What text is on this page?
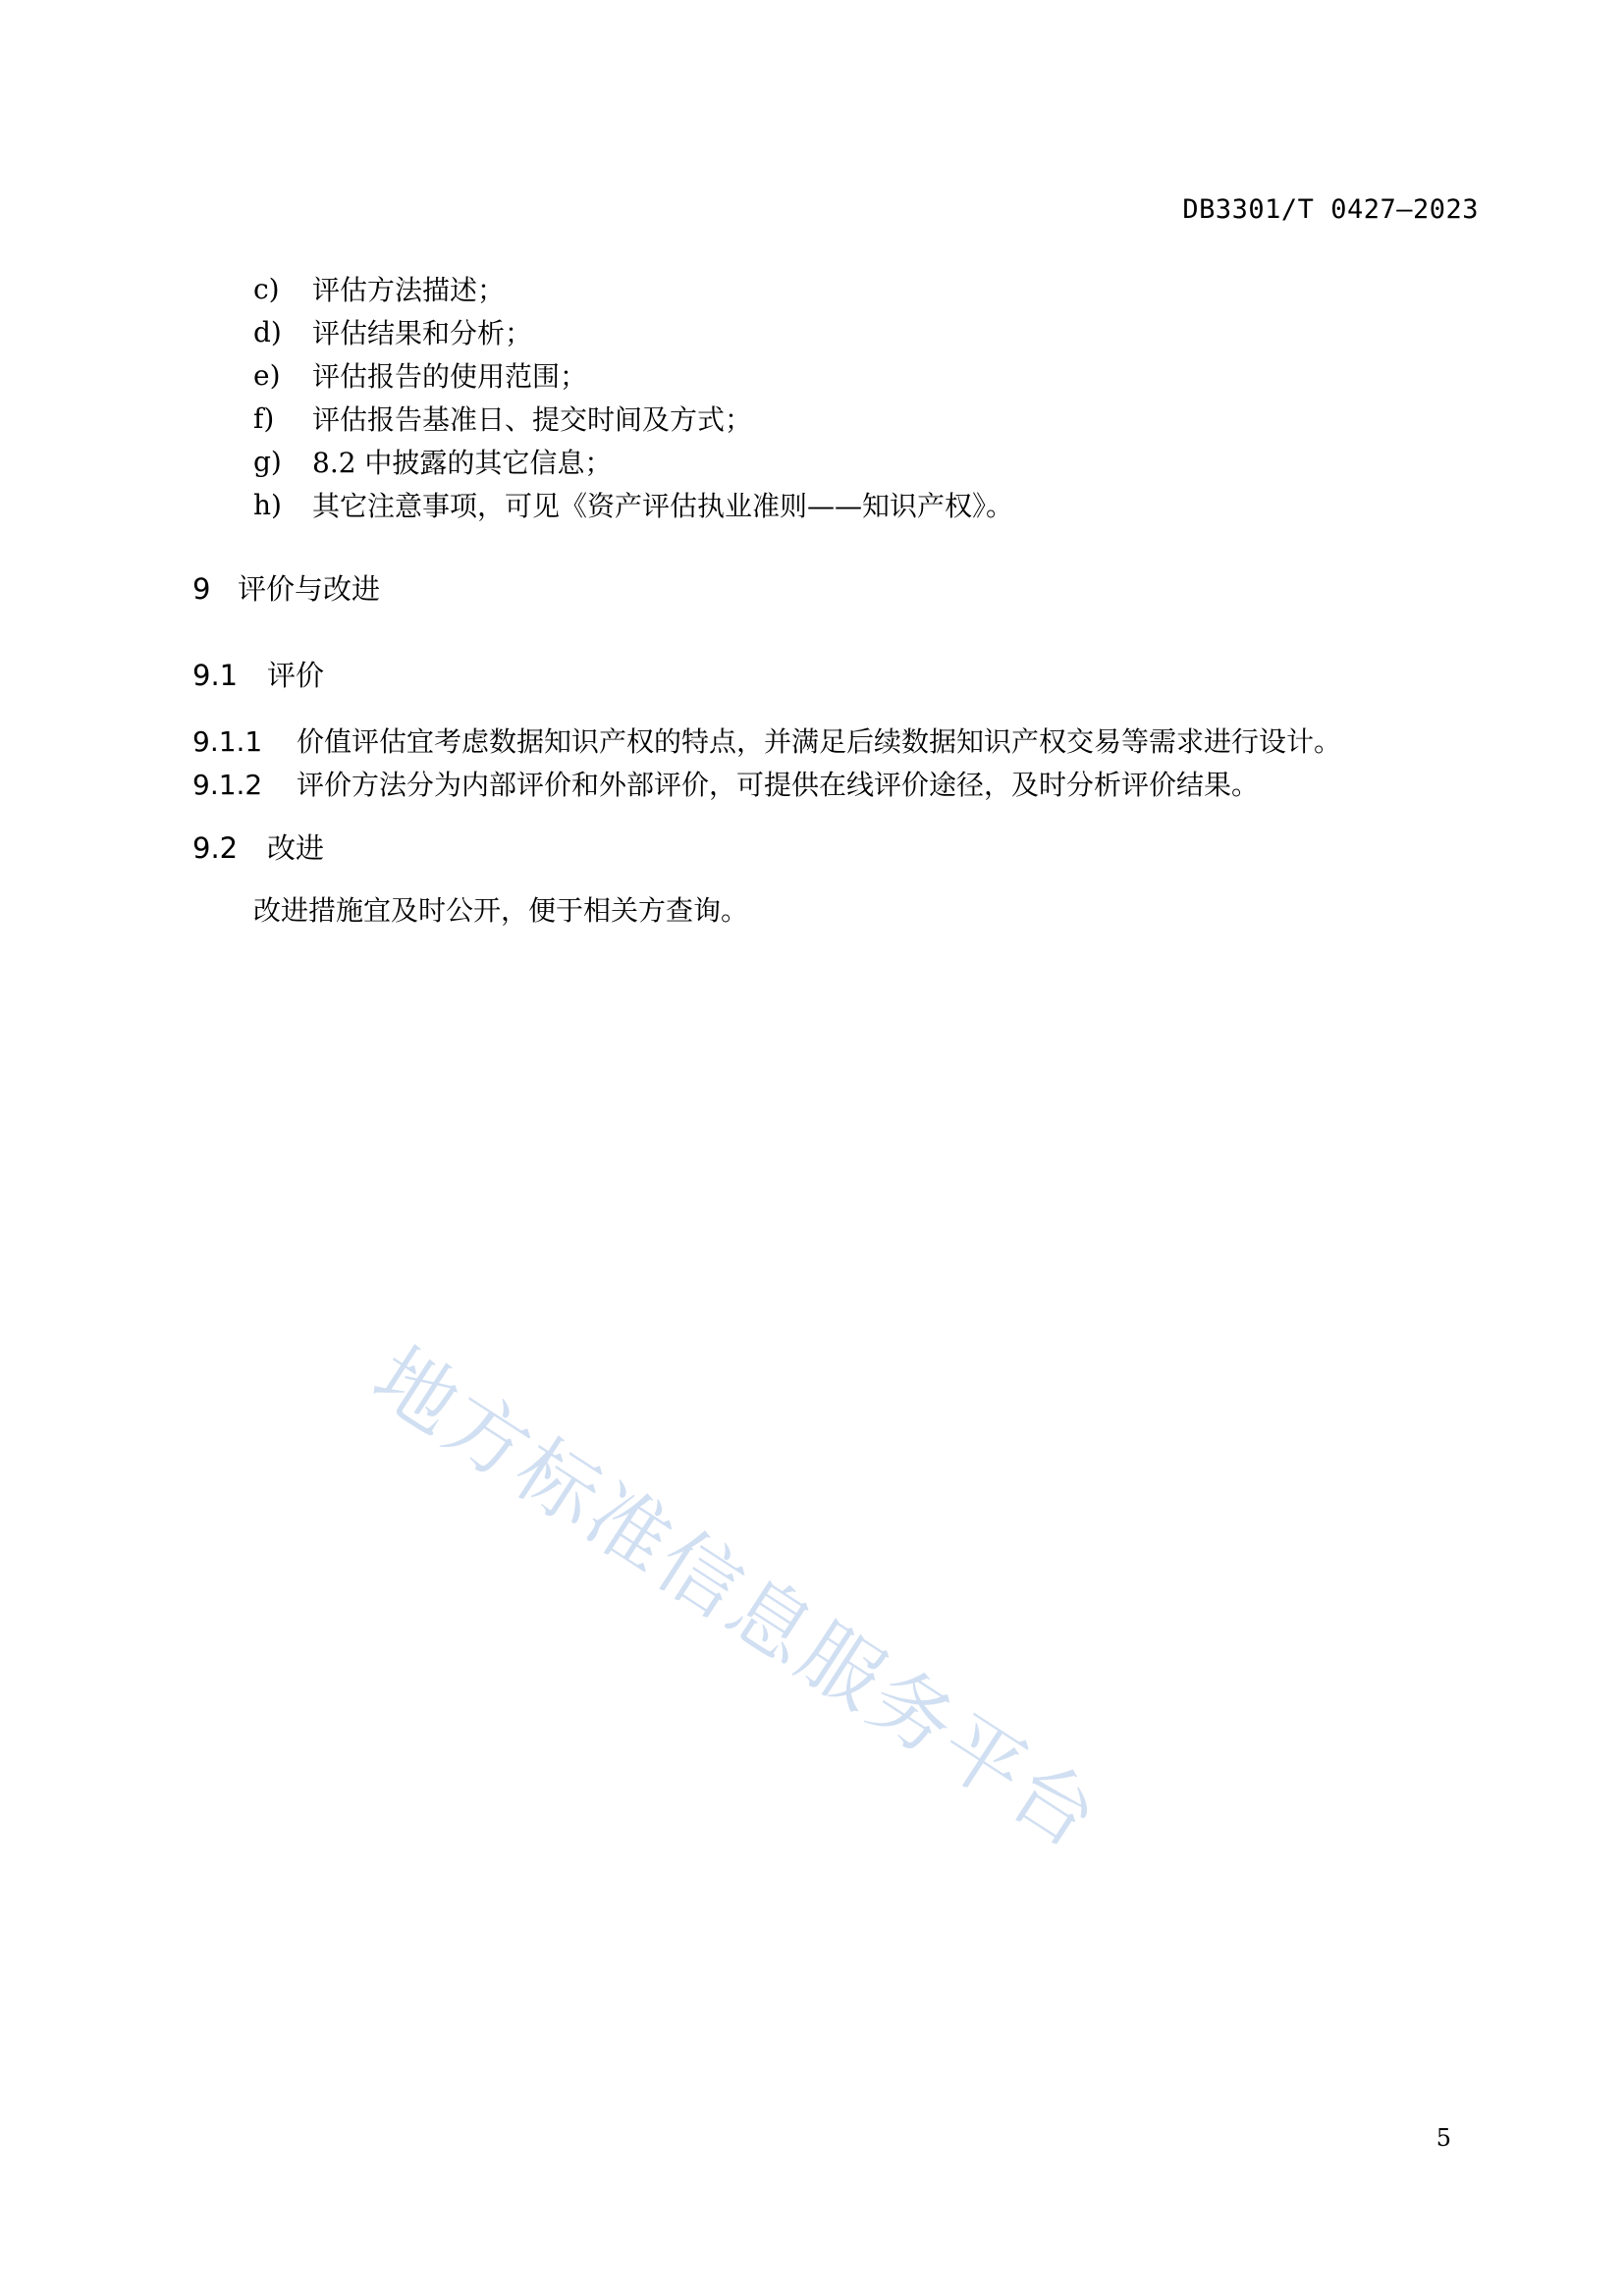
DB3301/T 0427—2023
c)	评估方法描述；
d)	评估结果和分析；
e)	评估报告的使用范围；
f)	评估报告基准日、提交时间及方式；
g)	8.2 中披露的其它信息；
h)	其它注意事项，可见《资产评估执业准则——知识产权》。
9 评价与改进
9.1 评价
9.1.1 价值评估宜考虑数据知识产权的特点，并满足后续数据知识产权交易等需求进行设计。
9.1.2 评价方法分为内部评价和外部评价，可提供在线评价途径，及时分析评价结果。
9.2 改进
改进措施宜及时公开，便于相关方查询。
地方标准信息服务平台
5
